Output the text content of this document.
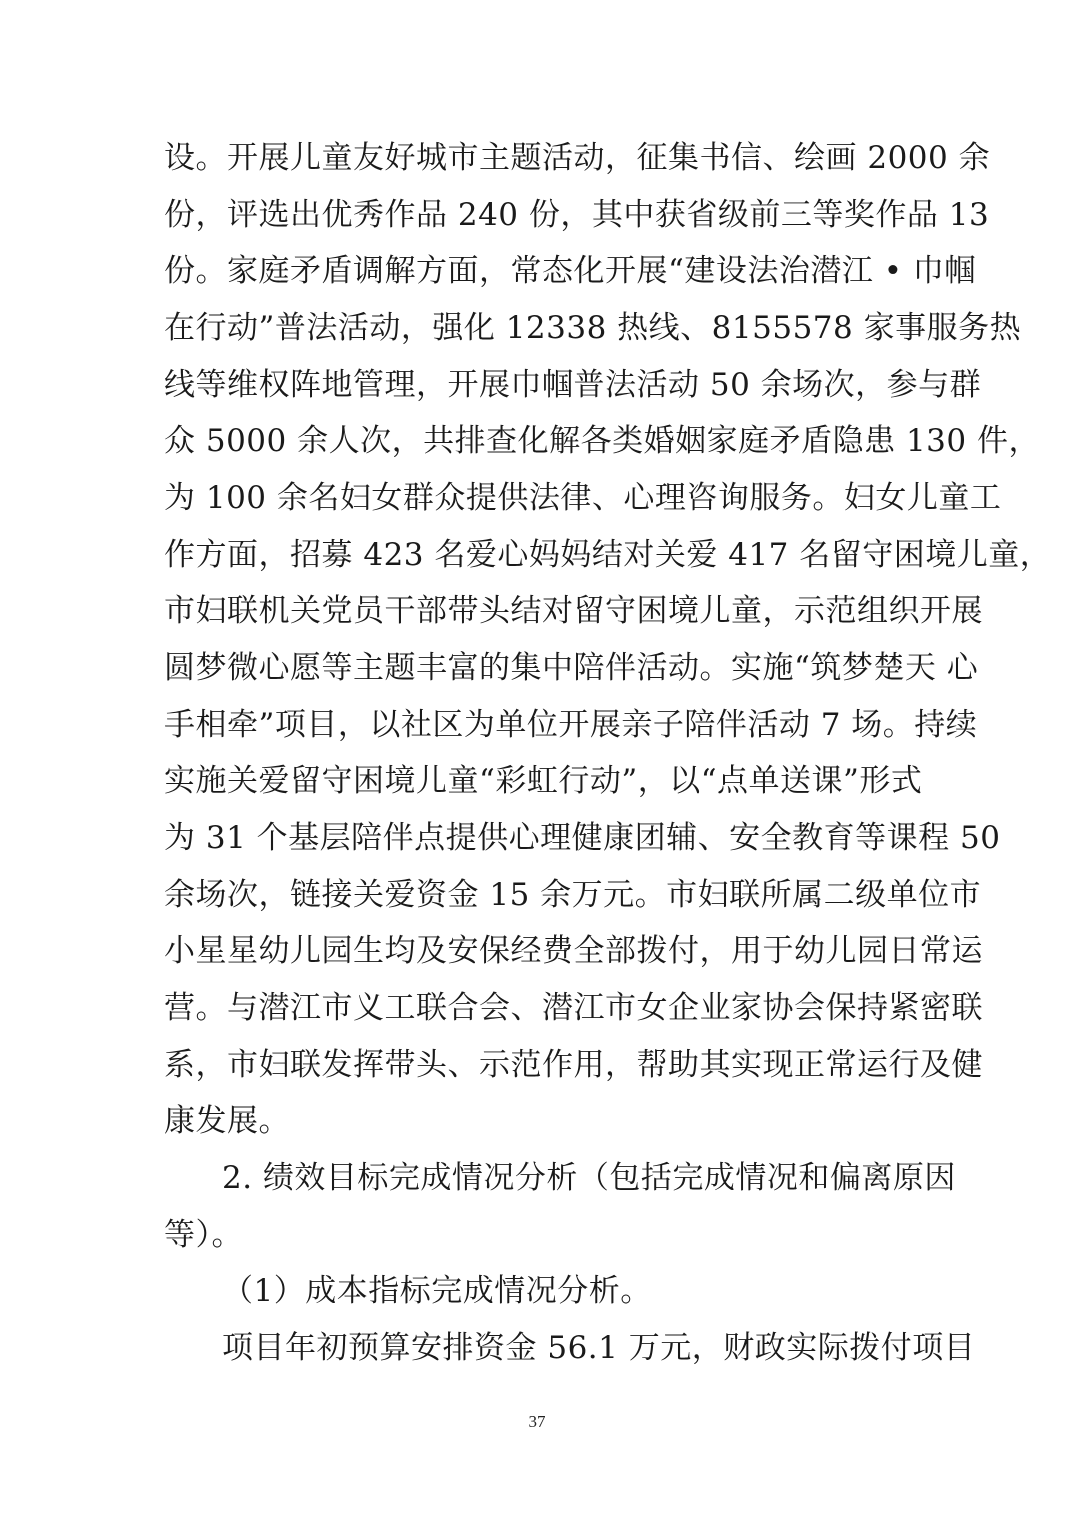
设。开展儿童友好城市主题活动，征集书信、绘画 2000 余
份，评选出优秀作品 240 份，其中获省级前三等奖作品 13
份。家庭矛盾调解方面，常态化开展“建设法治潜江 • 巾帼
在行动”普法活动，强化 12338 热线、8155578 家事服务热
线等维权阵地管理，开展巾帼普法活动 50 余场次，参与群
众 5000 余人次，共排查化解各类婚姻家庭矛盾隐患 130 件，
为 100 余名妇女群众提供法律、心理咨询服务。妇女儿童工
作方面，招募 423 名爱心妈妈结对关爱 417 名留守困境儿童，
市妇联机关党员干部带头结对留守困境儿童，示范组织开展
圆梦微心愿等主题丰富的集中陪伴活动。实施“筑梦楚天 心
手相牵”项目，以社区为单位开展亲子陪伴活动 7 场。持续
实施关爱留守困境儿童“彩虹行动”，以“点单送课”形式
为 31 个基层陪伴点提供心理健康团辅、安全教育等课程 50
余场次，链接关爱资金 15 余万元。市妇联所属二级单位市
小星星幼儿园生均及安保经费全部拨付，用于幼儿园日常运
营。与潜江市义工联合会、潜江市女企业家协会保持紧密联
系，市妇联发挥带头、示范作用，帮助其实现正常运行及健
康发展。
2. 绩效目标完成情况分析（包括完成情况和偏离原因
等）。
（1）成本指标完成情况分析。
项目年初预算安排资金 56.1 万元，财政实际拨付项目
37
